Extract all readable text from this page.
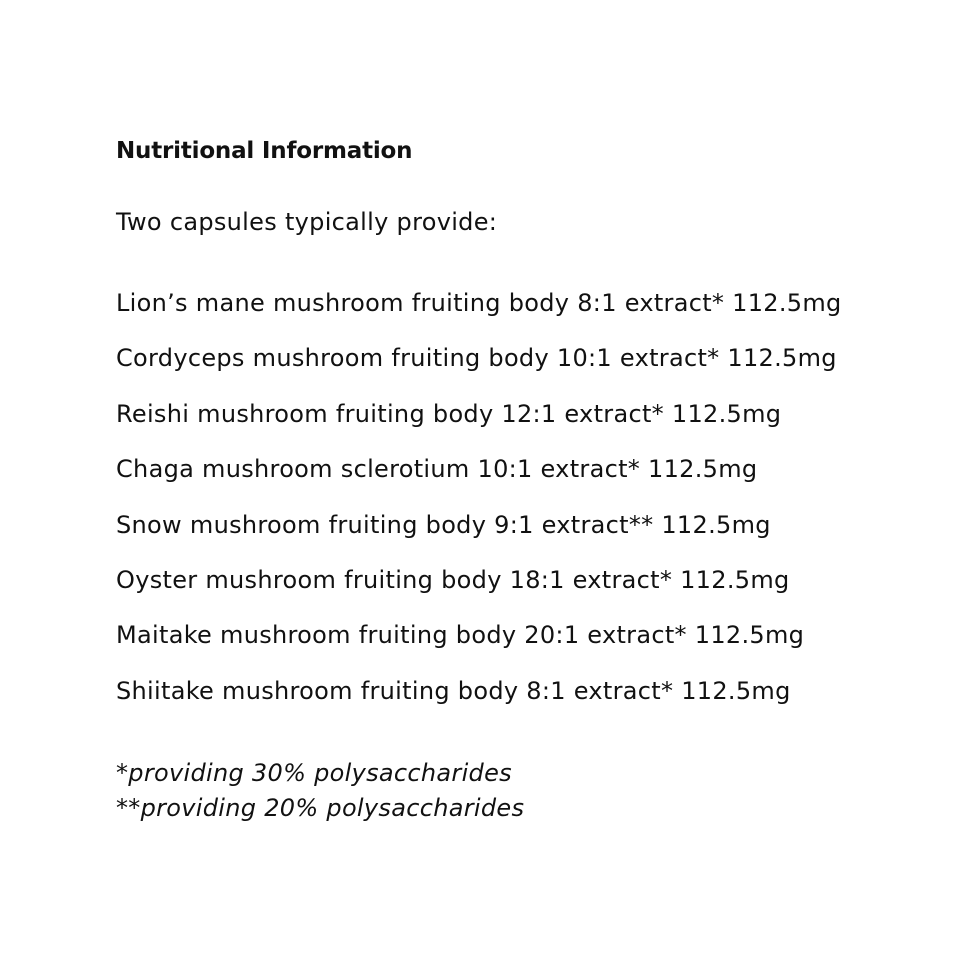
Nutritional Information
Two capsules typically provide:
Lion’s mane mushroom fruiting body 8:1 extract* 112.5mg
Cordyceps mushroom fruiting body 10:1 extract* 112.5mg
Reishi mushroom fruiting body 12:1 extract* 112.5mg
Chaga mushroom sclerotium 10:1 extract* 112.5mg
Snow mushroom fruiting body 9:1 extract** 112.5mg
Oyster mushroom fruiting body 18:1 extract* 112.5mg
Maitake mushroom fruiting body 20:1 extract* 112.5mg
Shiitake mushroom fruiting body 8:1 extract* 112.5mg
*providing 30% polysaccharides
**providing 20% polysaccharides
